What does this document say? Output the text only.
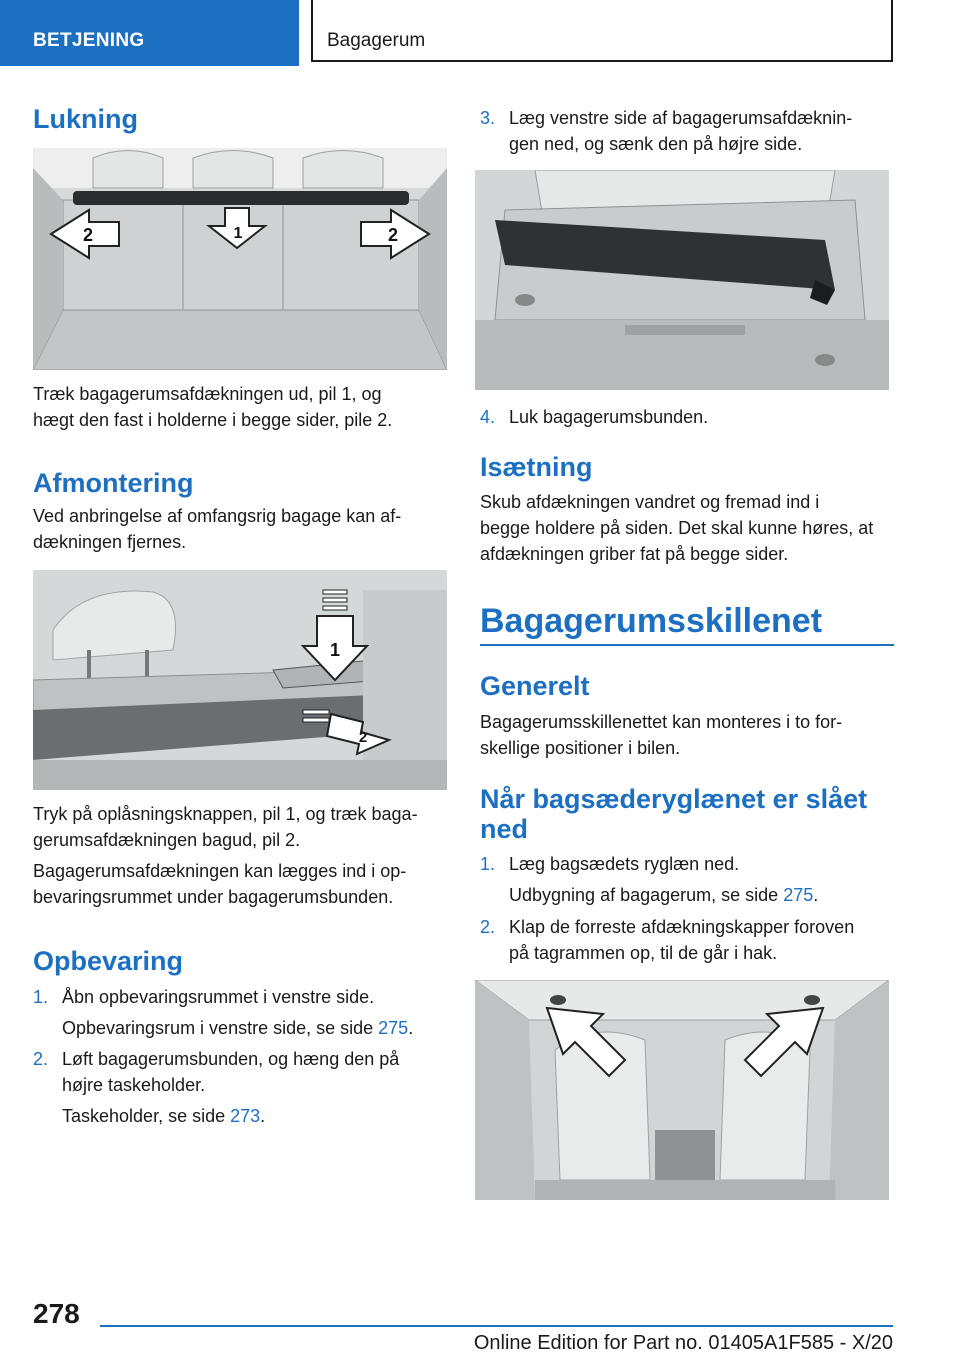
BETJENING	Bagagerum
Lukning
2	2
1

Træk bagagerumsafdækningen ud, pil 1, og

hægt den fast i holderne i begge sider, pile 2.

Afmontering

Ved anbringelse af omfangsrig bagage kan af‐

dækningen fjernes.

1
2

Tryk på oplåsningsknappen, pil 1, og træk baga‐

gerumsafdækningen bagud, pil 2.

Bagagerumsafdækningen kan lægges ind i op‐

bevaringsrummet under bagagerumsbunden.

Opbevaring
1. Åbn opbevaringsrummet i venstre side.

Opbevaringsrum i venstre side, se side 275.

2. Løft bagagerumsbunden, og hæng den på
højre taskeholder.

Taskeholder, se side 273.

3. Læg venstre side af bagagerumsafdæknin‐
gen ned, og sænk den på højre side.
4. Luk bagagerumsbunden.
Isætning

Skub afdækningen vandret og fremad ind i

begge holdere på siden. Det skal kunne høres, at

afdækningen griber fat på begge sider.

Bagagerumsskillenet
Generelt

Bagagerumsskillenettet kan monteres i to for‐

skellige positioner i bilen.

Når bagsæderyglænet er slået
ned
1. Læg bagsædets ryglæn ned.

Udbygning af bagagerum, se side 275.

2. Klap de forreste afdækningskapper foroven
på tagrammen op, til de går i hak.
278
Online Edition for Part no. 01405A1F585 - X/20
